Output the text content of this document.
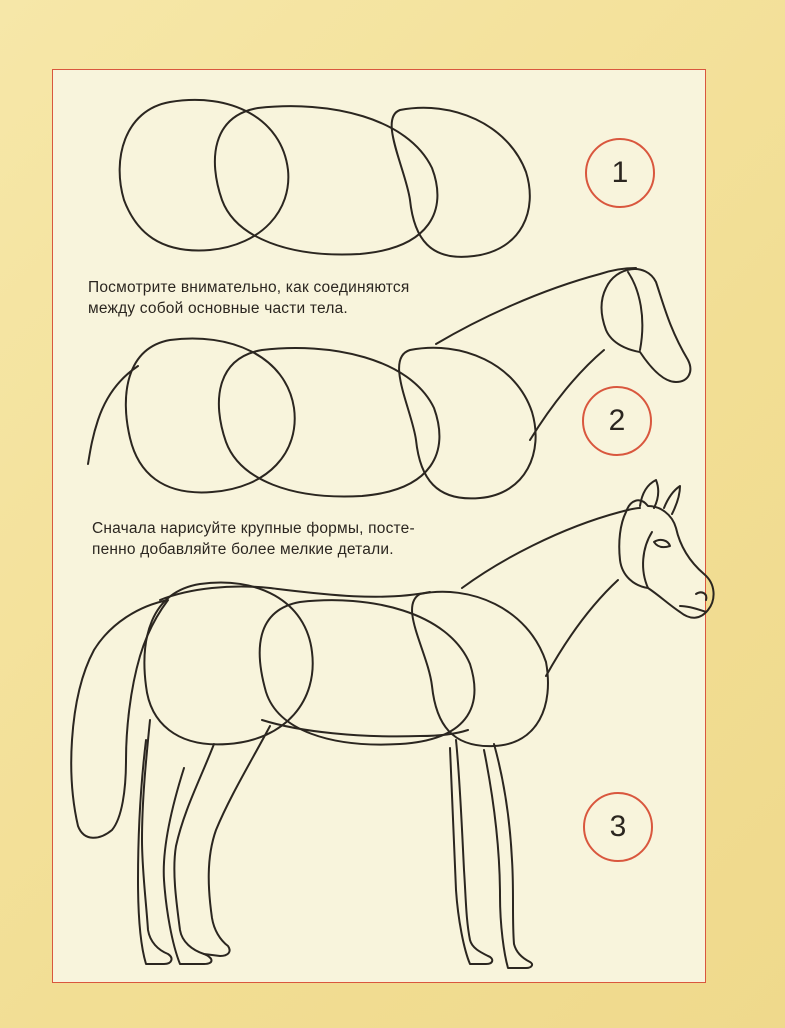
Посмотрите внимательно, как соединяются
между собой основные части тела.

Сначала нарисуйте крупные формы, посте-
пенно добавляйте более мелкие детали.

1
2
3
